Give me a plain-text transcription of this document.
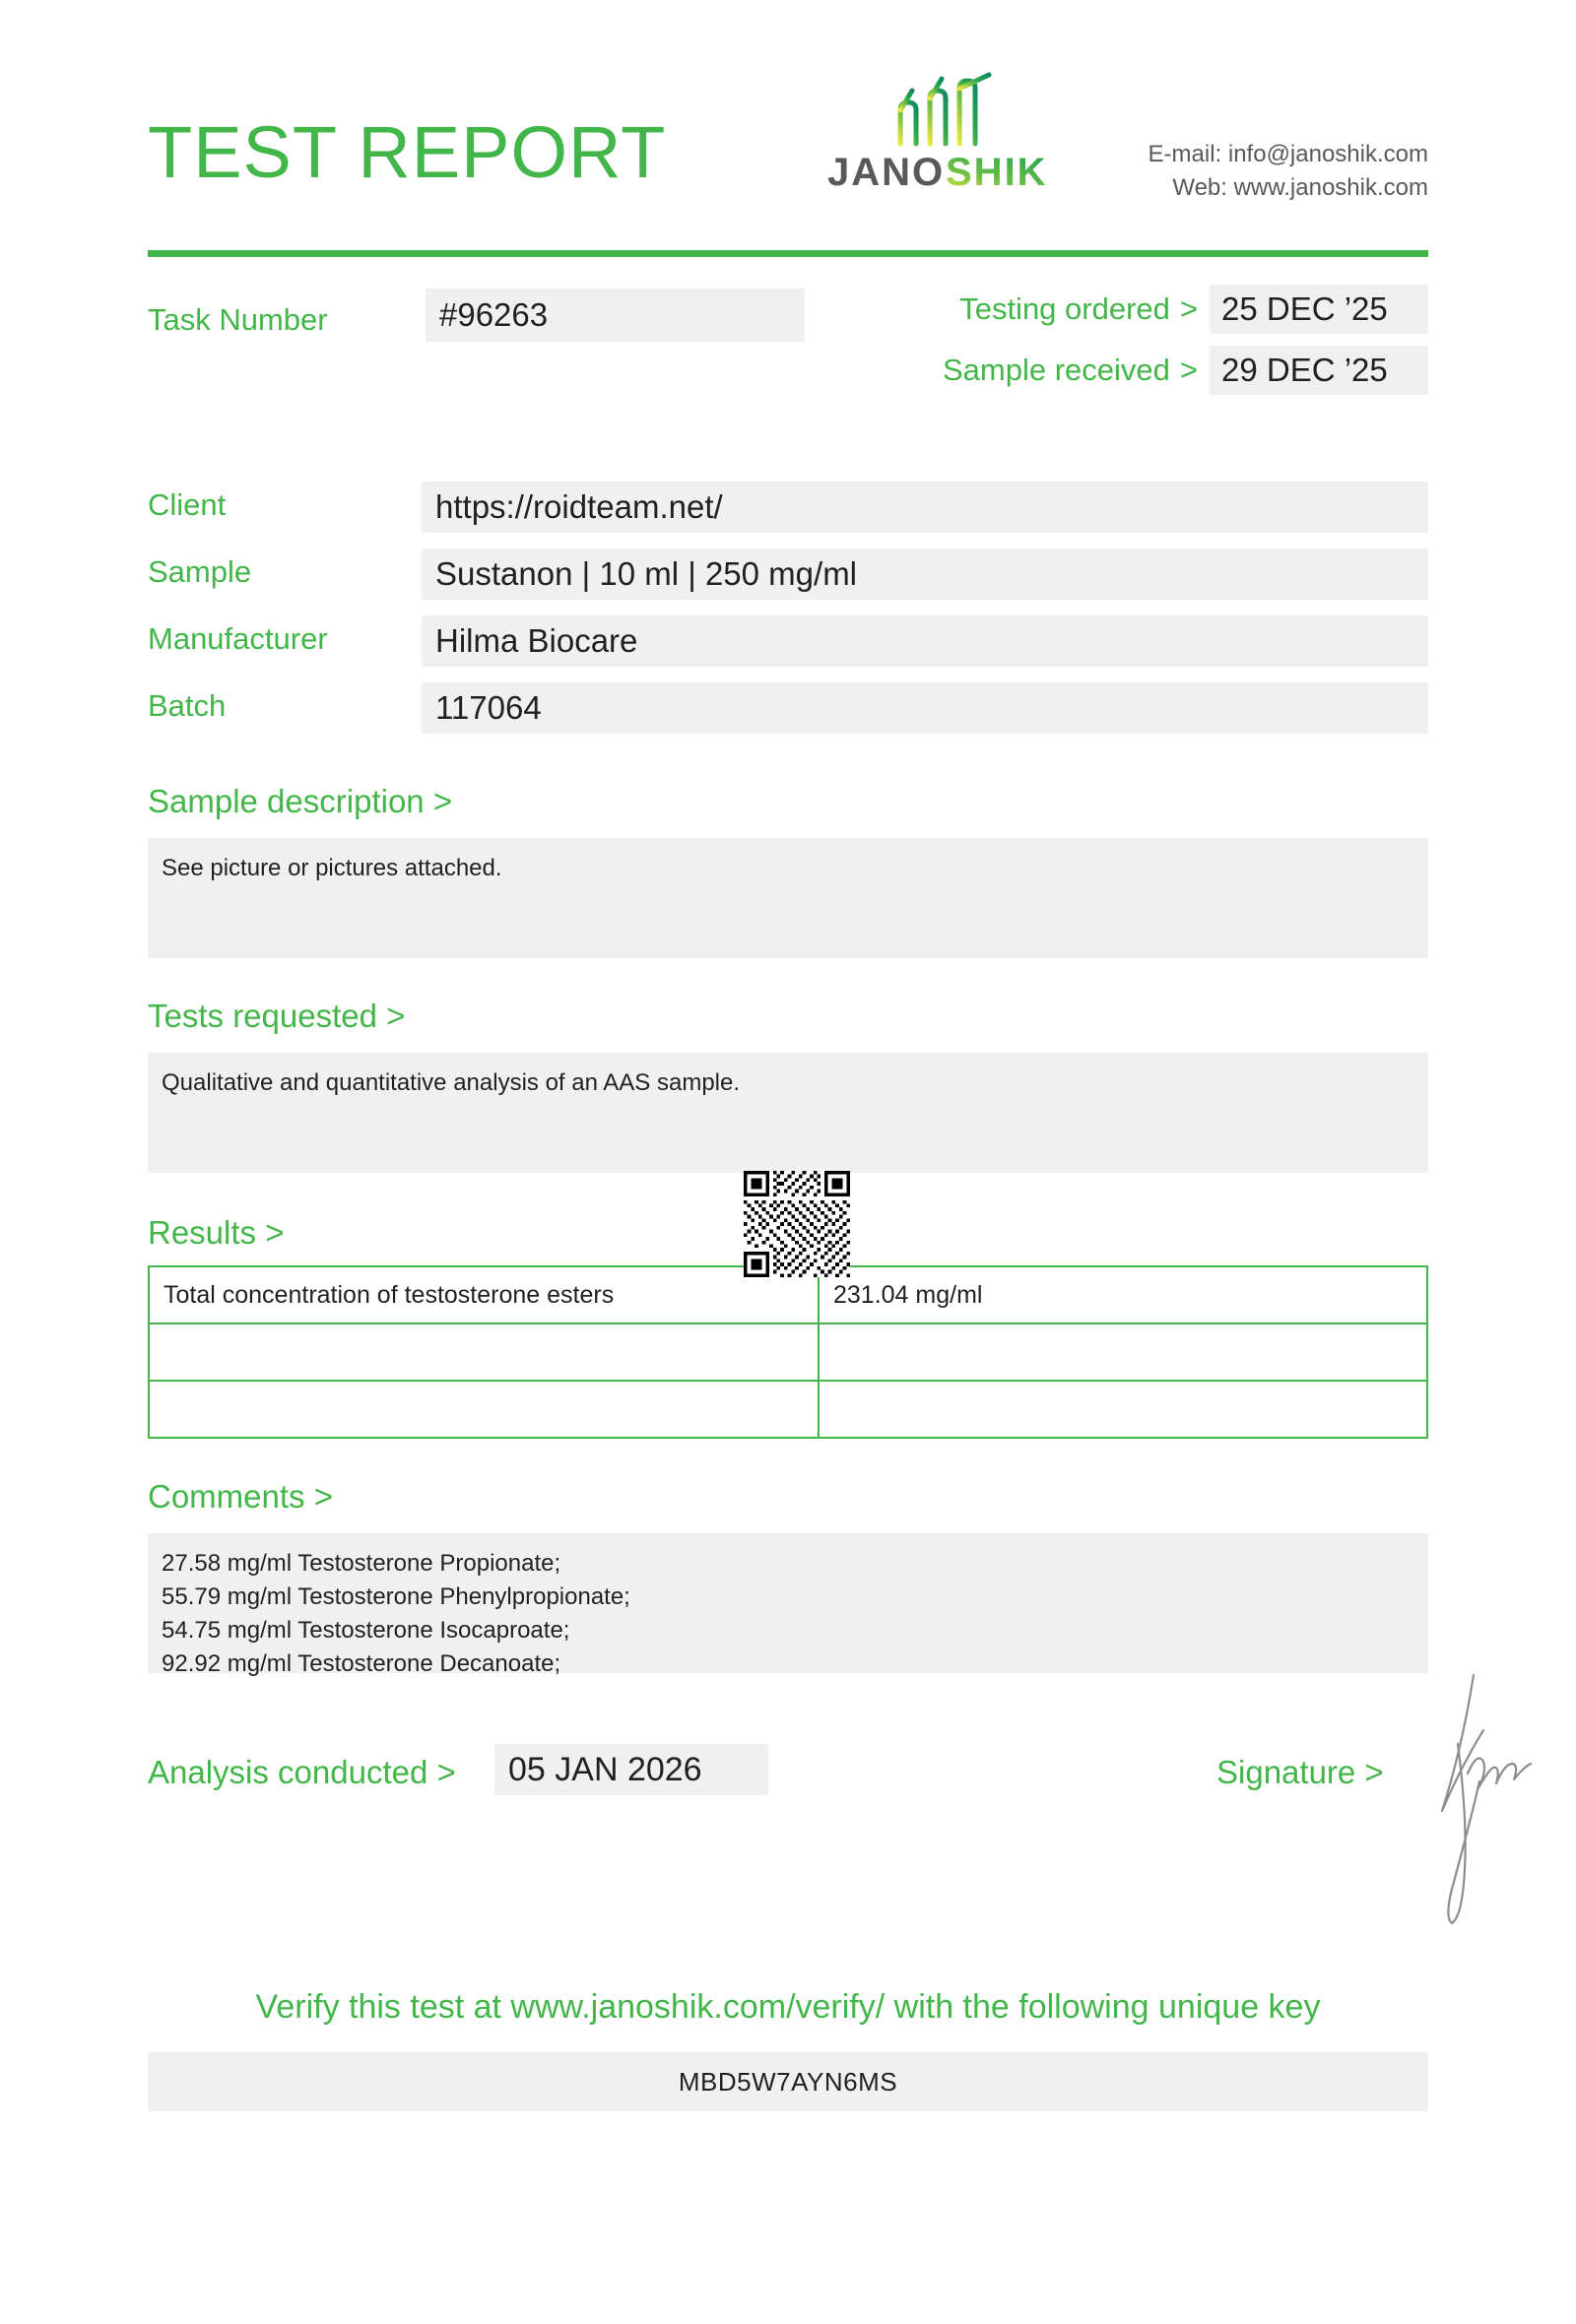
TEST REPORT	JANO SHIK	E-mail: info@janoshik.com
Web: www.janoshik.com
Task Number	#96263	Testing ordered > 25 DEC ’25
Sample received > 29 DEC ’25
Client	https://roidteam.net/
Sample	Sustanon | 10 ml | 250 mg/ml
Manufacturer	Hilma Biocare
Batch	117064
Sample description >
See picture or pictures attached.
Tests requested >
Qualitative and quantitative analysis of an AAS sample.
Results >
Total concentration of testosterone esters	231.04 mg/ml

Comments >
27.58 mg/ml Testosterone Propionate;
55.79 mg/ml Testosterone Phenylpropionate;
54.75 mg/ml Testosterone Isocaproate;
92.92 mg/ml Testosterone Decanoate;
Analysis conducted >	05 JAN 2026	Signature >
Verify this test at www.janoshik.com/verify/ with the following unique key
MBD5W7AYN6MS
